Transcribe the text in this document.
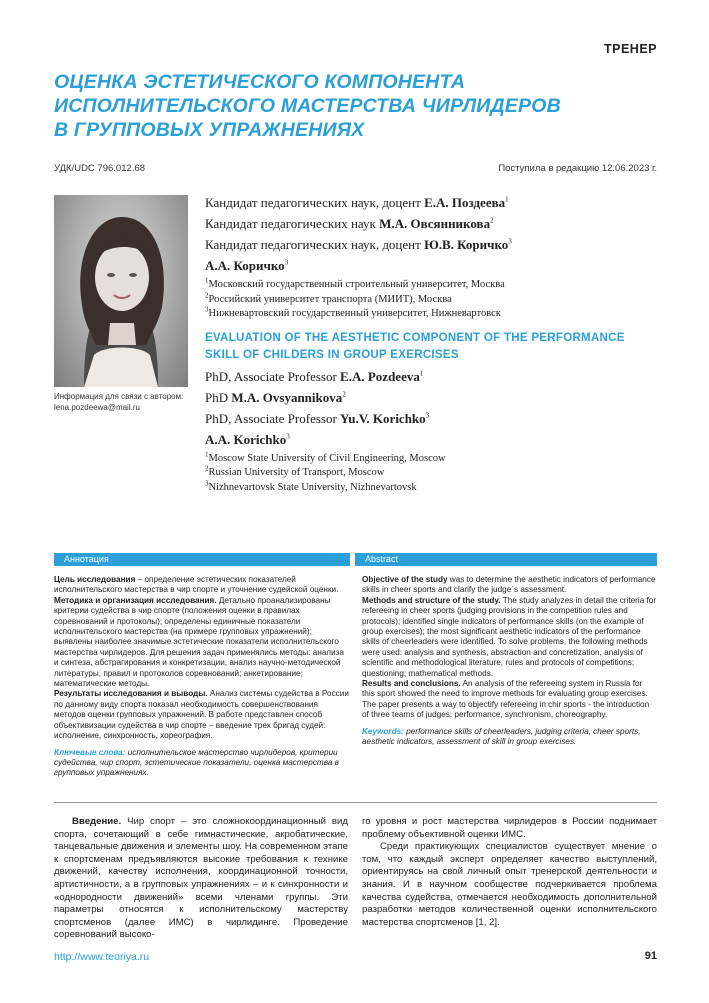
ТРЕНЕР
ОЦЕНКА ЭСТЕТИЧЕСКОГО КОМПОНЕНТА
ИСПОЛНИТЕЛЬСКОГО МАСТЕРСТВА ЧИРЛИДЕРОВ
В ГРУППОВЫХ УПРАЖНЕНИЯХ
УДК/UDC 796.012.68	Поступила в редакцию 12.06.2023 г.
Информация для связи с автором: lena.pozdeewa@mail.ru
Кандидат педагогических наук, доцент Е.А. Поздеева$^1$
Кандидат педагогических наук М.А. Овсянникова$^2$
Кандидат педагогических наук, доцент Ю.В. Коричко$^3$
А.А. Коричко$^3$
$^1$Московский государственный строительный университет, Москва
$^2$Российский университет транспорта (МИИТ), Москва
$^3$Нижневартовский государственный университет, Нижневартовск
EVALUATION OF THE AESTHETIC COMPONENT OF THE PERFORMANCE
SKILL OF CHILDERS IN GROUP EXERCISES
PhD, Associate Professor E.A. Pozdeeva$^1$
PhD M.A. Ovsyannikova$^2$
PhD, Associate Professor Yu.V. Korichko$^3$
A.A. Korichko$^3$
$^1$Moscow State University of Civil Engineering, Moscow
$^2$Russian University of Transport, Moscow
$^3$Nizhnevartovsk State University, Nizhnevartovsk
Аннотация	Abstract

Цель исследования – определение эстетических показателей исполнительского мастерства в чир спорте и уточнение судейской оценки.

Методика и организация исследования. Детально проанализированы критерии судейства в чир спорте (положения оценки в правилах соревнований и протоколы); определены единичные показатели исполнительского мастерства (на примере групповых упражнений); выявлены наиболее значимые эстетические показатели исполнительского мастерства чирлидеров. Для решения задач применялись методы: анализа и синтеза, абстрагирования и конкретизации, анализ научно-методической литературы, правил и протоколов соревнований; анкетирование; математические методы.

Результаты исследования и выводы. Анализ системы судейства в России по данному виду спорта показал необходимость совершенствования методов оценки групповых упражнений. В работе представлен способ объективизации судейства в чир спорте – введение трех бригад судей: исполнение, синхронность, хореография.

Ключевые слова: исполнительское мастерство чирлидеров, критерии судейства, чир спорт, эстетические показатели, оценка мастерства в групповых упражнениях.

Objective of the study was to determine the aesthetic indicators of performance skills in cheer sports and clarify the judge`s assessment.

Methods and structure of the study. The study analyzes in detail the criteria for refereeing in cheer sports (judging provisions in the competition rules and protocols); identified single indicators of performance skills (on the example of group exercises); the most significant aesthetic indicators of the performance skills of cheerleaders were identified. To solve problems, the following methods were used: analysis and synthesis, abstraction and concretization, analysis of scientific and methodological literature, rules and protocols of competitions; questioning; mathematical methods.

Results and conclusions. An analysis of the refereeing system in Russia for this sport showed the need to improve methods for evaluating group exercises. The paper presents a way to objectify refereeing in chir sports - the introduction of three teams of judges: performance, synchronism, choreography.

Keywords: performance skills of cheerleaders, judging criteria, cheer sports, aesthetic indicators, assessment of skill in group exercises.

Введение. Чир спорт – это сложнокоординационный вид спорта, сочетающий в себе гимнастические, акробатические, танцевальные движения и элементы шоу. На современном этапе к спортсменам предъявляются высокие требования к технике движений, качеству исполнения, координационной точности, артистичности, а в групповых упражнениях – и к синхронности и «однородности движений» всеми членами группы. Эти параметры относятся к исполнительскому мастерству спортсменов (далее ИМС) в чирлидинге. Проведение соревнований высоко-

го уровня и рост мастерства чирлидеров в России поднимает проблему объективной оценки ИМС.

Среди практикующих специалистов существует мнение о том, что каждый эксперт определяет качество выступлений, ориентируясь на свой личный опыт тренерской деятельности и знания. И в научном сообществе подчеркивается проблема качества судейства, отмечается необходимость дополнительной разработки методов количественной оценки исполнительского мастерства спортсменов [1, 2].

http://www.teoriya.ru	91
